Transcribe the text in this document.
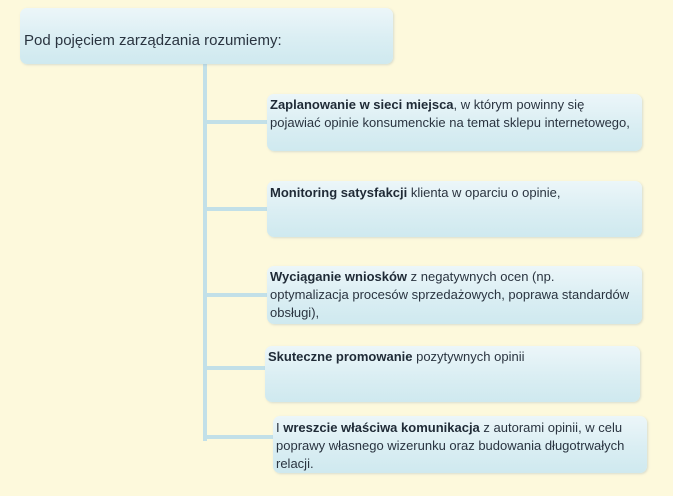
Pod pojęciem zarządzania rozumiemy:
Zaplanowanie w sieci miejsca, w którym powinny się pojawiać opinie konsumenckie na temat sklepu internetowego,
Monitoring satysfakcji klienta w oparciu o opinie,
Wyciąganie wniosków z negatywnych ocen (np. optymalizacja procesów sprzedażowych, poprawa standardów obsługi),
Skuteczne promowanie pozytywnych opinii
I wreszcie właściwa komunikacja z autorami opinii, w celu poprawy własnego wizerunku oraz budowania długotrwałych relacji.
